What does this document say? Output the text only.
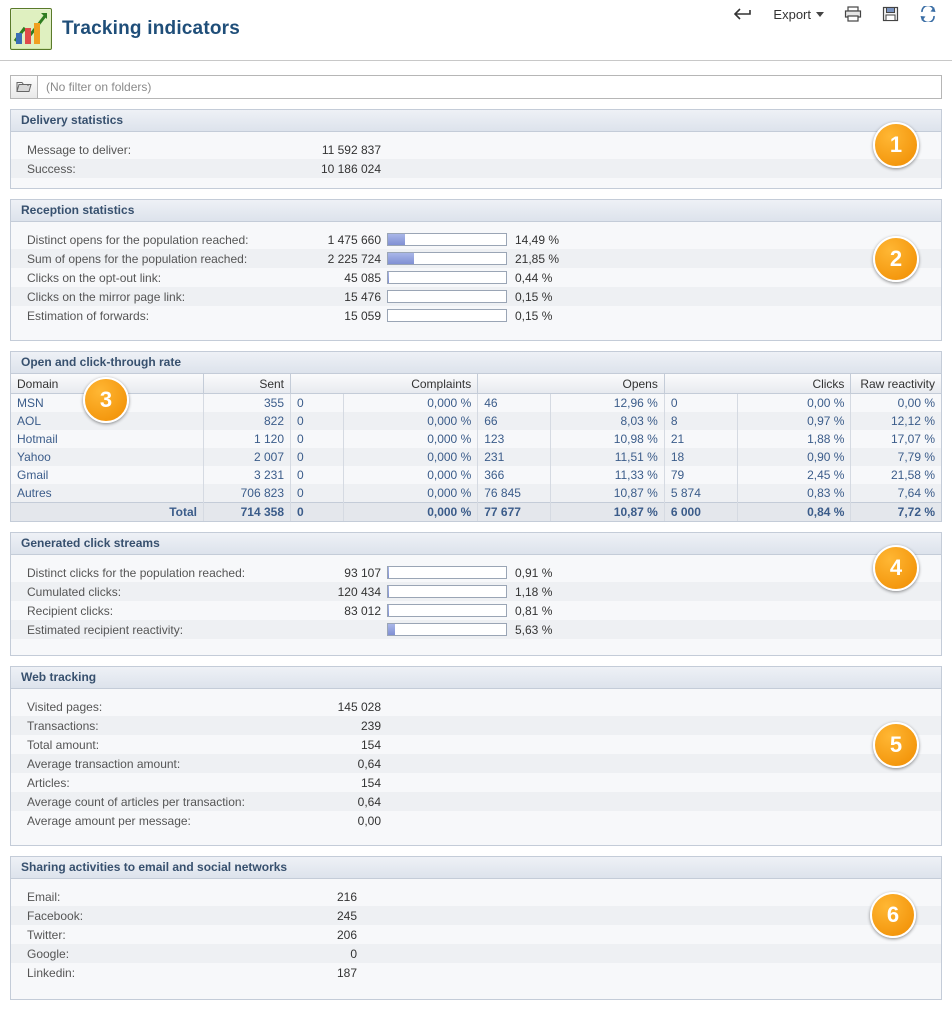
Tracking indicators
Export
(No filter on folders)
Delivery statistics
Message to deliver:	11 592 837
Success:	10 186 024
1
Reception statistics
Distinct opens for the population reached:	1 475 660	14,49 %
Sum of opens for the population reached:	2 225 724	21,85 %
Clicks on the opt-out link:	45 085	0,44 %
Clicks on the mirror page link:	15 476	0,15 %
Estimation of forwards:	15 059	0,15 %
2
Open and click-through rate
Domain	Sent	Complaints		Opens		Clicks		Raw reactivity
MSN	355	0	0,000 %	46	12,96 %	0	0,00 %	0,00 %
AOL	822	0	0,000 %	66	8,03 %	8	0,97 %	12,12 %
Hotmail	1 120	0	0,000 %	123	10,98 %	21	1,88 %	17,07 %
Yahoo	2 007	0	0,000 %	231	11,51 %	18	0,90 %	7,79 %
Gmail	3 231	0	0,000 %	366	11,33 %	79	2,45 %	21,58 %
Autres	706 823	0	0,000 %	76 845	10,87 %	5 874	0,83 %	7,64 %
Total	714 358	0	0,000 %	77 677	10,87 %	6 000	0,84 %	7,72 %
3
Generated click streams
Distinct clicks for the population reached:	93 107	0,91 %
Cumulated clicks:	120 434	1,18 %
Recipient clicks:	83 012	0,81 %
Estimated recipient reactivity:	5,63 %
4
Web tracking
Visited pages:	145 028
Transactions:	239
Total amount:	154
Average transaction amount:	0,64
Articles:	154
Average count of articles per transaction:	0,64
Average amount per message:	0,00
5
Sharing activities to email and social networks
Email:	216
Facebook:	245
Twitter:	206
Google:	0
Linkedin:	187
6
